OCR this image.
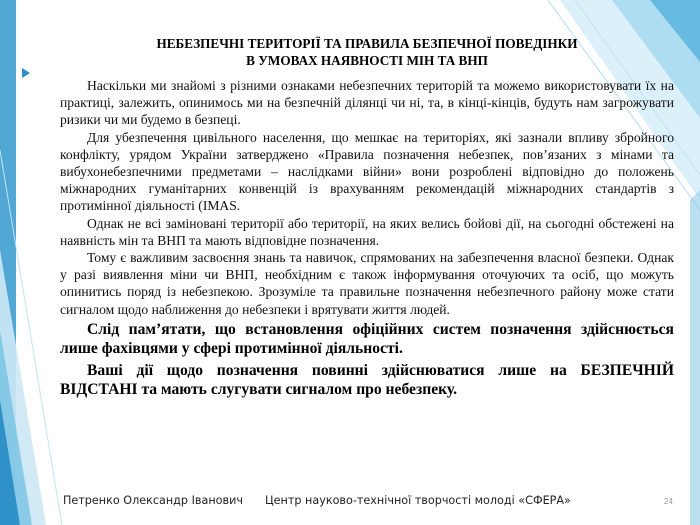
НЕБЕЗПЕЧНІ ТЕРИТОРІЇ ТА ПРАВИЛА БЕЗПЕЧНОЇ ПОВЕДІНКИ
В УМОВАХ НАЯВНОСТІ МІН ТА ВНП

Наскільки ми знайомі з різними ознаками небезпечних територій та можемо використовувати їх на практиці, залежить, опинимось ми на безпечній ділянці чи ні, та, в кінці-кінців, будуть нам загрожувати ризики чи ми будемо в безпеці.

Для убезпечення цивільного населення, що мешкає на територіях, які зазнали впливу збройного конфлікту, урядом України затверджено «Правила позначення небезпек, пов’язаних з мінами та вибухонебезпечними предметами – наслідками війни» вони розроблені відповідно до положень міжнародних гуманітарних конвенцій із врахуванням рекомендацій міжнародних стандартів з протимінної діяльності (IMAS.

Однак не всі заміновані території або території, на яких велись бойові дії, на сьогодні обстежені на наявність мін та ВНП та мають відповідне позначення.

Тому є важливим засвоєння знань та навичок, спрямованих на забезпечення власної безпеки. Однак у разі виявлення міни чи ВНП, необхідним є також інформування оточуючих та осіб, що можуть опинитись поряд із небезпекою. Зрозуміле та правильне позначення небезпечного району може стати сигналом щодо наближення до небезпеки і врятувати життя людей.

Слід пам’ятати, що встановлення офіційних систем позначення здійснюється лише фахівцями у сфері протимінної діяльності.

Ваші дії щодо позначення повинні здійснюватися лише на БЕЗПЕЧНІЙ ВІДСТАНІ та мають слугувати сигналом про небезпеку.

Петренко Олександр Іванович Центр науково-технічної творчості молоді «СФЕРА»	24
